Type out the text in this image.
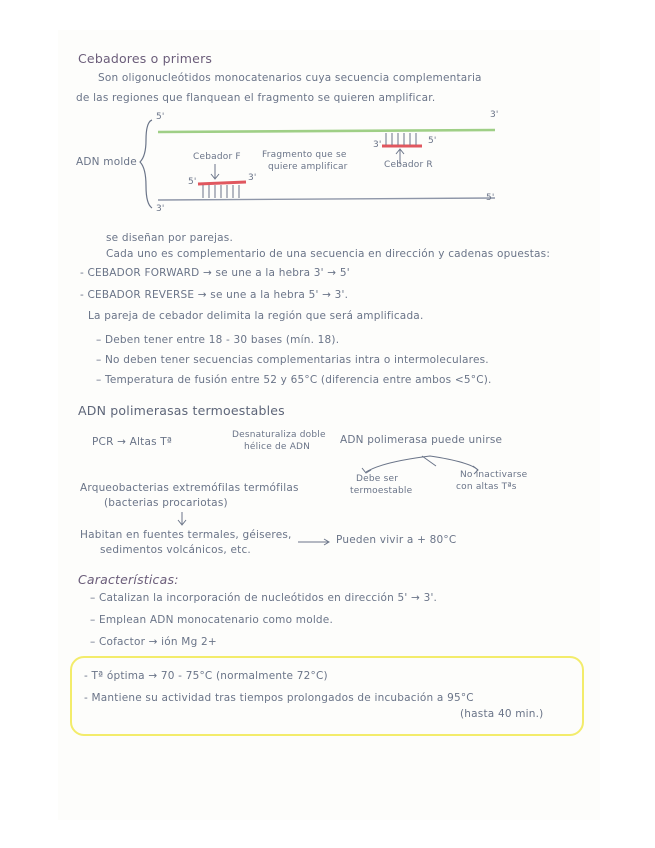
Cebadores o primers
Son oligonucleótidos monocatenarios cuya secuencia complementaria
de las regiones que flanquean el fragmento se quieren amplificar.
ADN molde
5'	3'
3'
5'
Cebador F
Cebador R
Fragmento que se
quiere amplificar
5'	3'
3'	5'
se diseñan por parejas.
Cada uno es complementario de una secuencia en dirección y cadenas opuestas:
- CEBADOR FORWARD → se une a la hebra 3' → 5'
- CEBADOR REVERSE → se une a la hebra 5' → 3'.
La pareja de cebador delimita la región que será amplificada.
– Deben tener entre 18 - 30 bases (mín. 18).
– No deben tener secuencias complementarias intra o intermoleculares.
– Temperatura de fusión entre 52 y 65°C (diferencia entre ambos <5°C).
ADN polimerasas termoestables
PCR → Altas Tª
Desnaturaliza doble
hélice de ADN
ADN polimerasa puede unirse
Debe ser
termoestable
No inactivarse
con altas Tªs
Arqueobacterias extremófilas termófilas
(bacterias procariotas)
Habitan en fuentes termales, géiseres,
sedimentos volcánicos, etc.
Pueden vivir a + 80°C
Características:
– Catalizan la incorporación de nucleótidos en dirección 5' → 3'.
– Emplean ADN monocatenario como molde.
– Cofactor → ión Mg 2+
- Tª óptima → 70 - 75°C (normalmente 72°C)
- Mantiene su actividad tras tiempos prolongados de incubación a 95°C
(hasta 40 min.)
